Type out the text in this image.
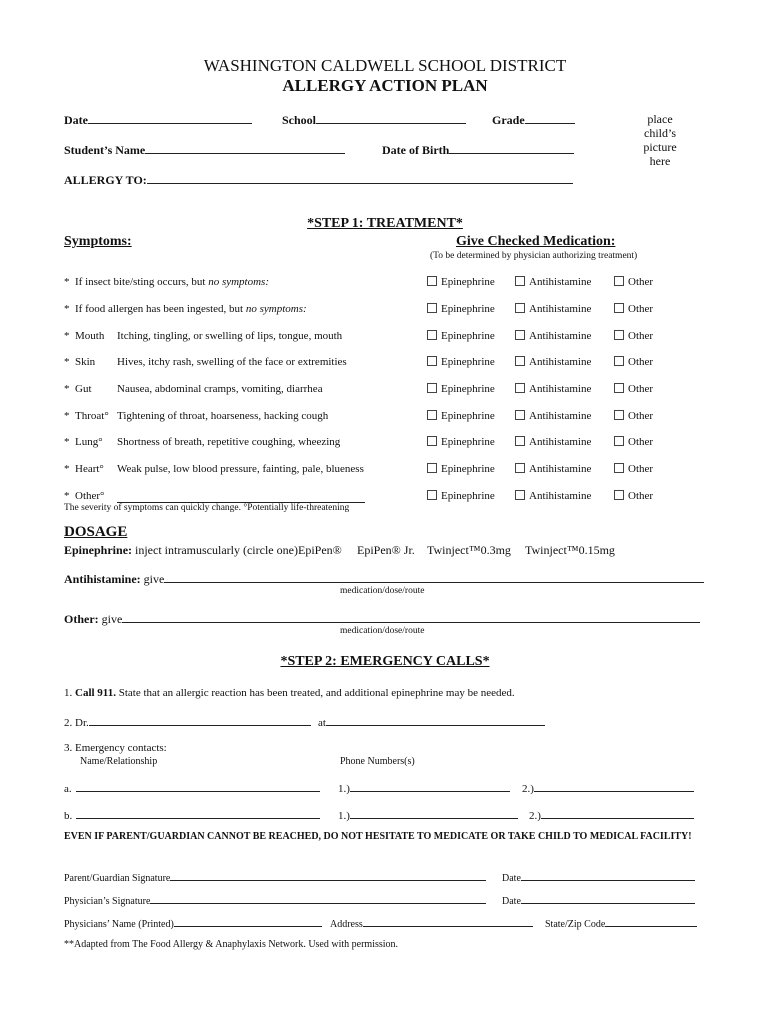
WASHINGTON CALDWELL SCHOOL DISTRICT
ALLERGY ACTION PLAN
Date	School	Grade
Student’s Name	Date of Birth
ALLERGY TO:
place
child’s
picture
here
*STEP 1: TREATMENT*
Symptoms:	Give Checked Medication:
(To be determined by physician authorizing treatment)
* If insect bite/sting occurs, but no symptoms:	Epinephrine	Antihistamine	Other
* If food allergen has been ingested, but no symptoms:	Epinephrine	Antihistamine	Other
* Mouth Itching, tingling, or swelling of lips, tongue, mouth	Epinephrine	Antihistamine	Other
* Skin Hives, itchy rash, swelling of the face or extremities	Epinephrine	Antihistamine	Other
* Gut Nausea, abdominal cramps, vomiting, diarrhea	Epinephrine	Antihistamine	Other
* Throat° Tightening of throat, hoarseness, hacking cough	Epinephrine	Antihistamine	Other
* Lung° Shortness of breath, repetitive coughing, wheezing	Epinephrine	Antihistamine	Other
* Heart° Weak pulse, low blood pressure, fainting, pale, blueness	Epinephrine	Antihistamine	Other
* Other°	Epinephrine	Antihistamine	Other
The severity of symptoms can quickly change. °Potentially life-threatening
DOSAGE
Epinephrine: inject intramuscularly (circle one) EpiPen® EpiPen® Jr. Twinject™0.3mg Twinject™0.15mg
Antihistamine: give
medication/dose/route
Other: give
medication/dose/route
*STEP 2: EMERGENCY CALLS*
1. Call 911. State that an allergic reaction has been treated, and additional epinephrine may be needed.
2. Dr.	at
3. Emergency contacts:
Name/Relationship	Phone Numbers(s)
a.	1.)	2.)
b.	1.)	2.)
EVEN IF PARENT/GUARDIAN CANNOT BE REACHED, DO NOT HESITATE TO MEDICATE OR TAKE CHILD TO MEDICAL FACILITY!
Parent/Guardian Signature	Date
Physician’s Signature	Date
Physicians’ Name (Printed)	Address	State/Zip Code
**Adapted from The Food Allergy & Anaphylaxis Network. Used with permission.
